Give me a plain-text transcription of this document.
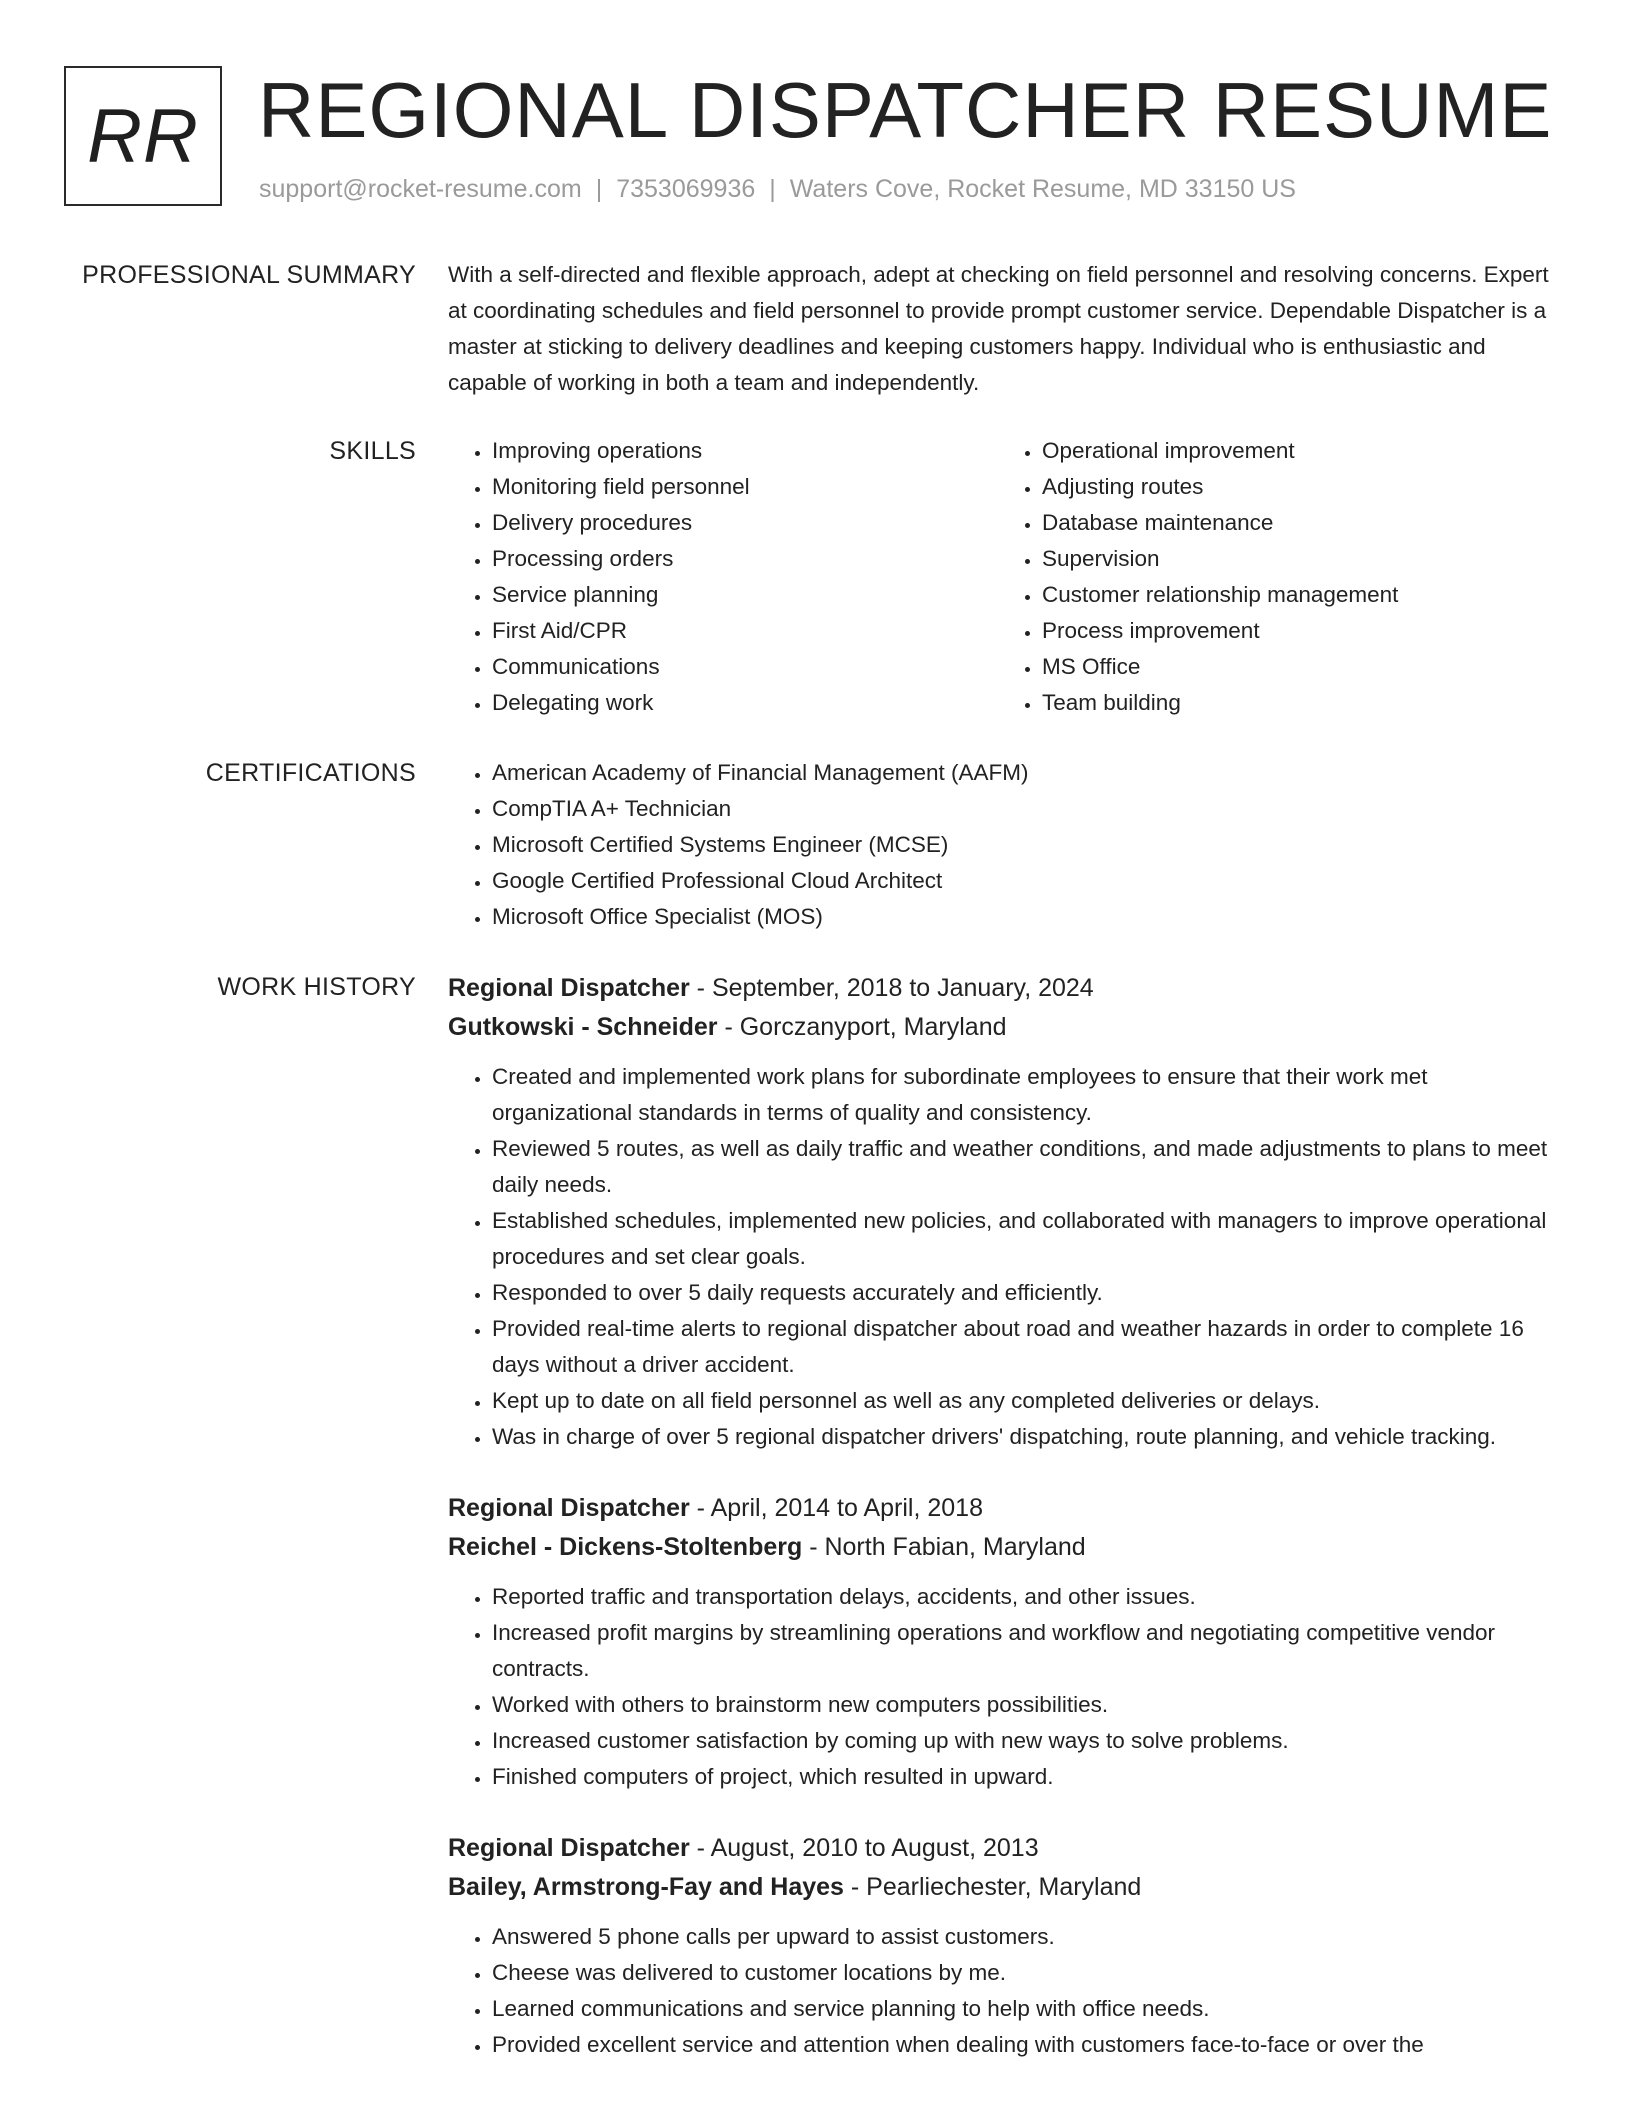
RR REGIONAL DISPATCHER RESUME
support@rocket-resume.com | 7353069936 | Waters Cove, Rocket Resume, MD 33150 US
PROFESSIONAL SUMMARY With a self-directed and flexible approach, adept at checking on field personnel and resolving concerns. Expert at coordinating schedules and field personnel to provide prompt customer service. Dependable Dispatcher is a master at sticking to delivery deadlines and keeping customers happy. Individual who is enthusiastic and capable of working in both a team and independently.

SKILLS	• Improving operations
• Monitoring field personnel
• Delivery procedures
• Processing orders
• Service planning
• First Aid/CPR
• Communications
• Delegating work
• Operational improvement
• Adjusting routes
• Database maintenance
• Supervision
• Customer relationship management
• Process improvement
• MS Office
• Team building
CERTIFICATIONS	• American Academy of Financial Management (AAFM)
• CompTIA A+ Technician
• Microsoft Certified Systems Engineer (MCSE)
• Google Certified Professional Cloud Architect
• Microsoft Office Specialist (MOS)
WORK HISTORY Regional Dispatcher - September, 2018 to January, 2024
Gutkowski - Schneider - Gorczanyport, Maryland
• Created and implemented work plans for subordinate employees to ensure that their work met organizational standards in terms of quality and consistency.
• Reviewed 5 routes, as well as daily traffic and weather conditions, and made adjustments to plans to meet daily needs.
• Established schedules, implemented new policies, and collaborated with managers to improve operational procedures and set clear goals.
• Responded to over 5 daily requests accurately and efficiently.
• Provided real-time alerts to regional dispatcher about road and weather hazards in order to complete 16 days without a driver accident.
• Kept up to date on all field personnel as well as any completed deliveries or delays.
• Was in charge of over 5 regional dispatcher drivers' dispatching, route planning, and vehicle tracking.
Regional Dispatcher - April, 2014 to April, 2018
Reichel - Dickens-Stoltenberg - North Fabian, Maryland
• Reported traffic and transportation delays, accidents, and other issues.
• Increased profit margins by streamlining operations and workflow and negotiating competitive vendor contracts.
• Worked with others to brainstorm new computers possibilities.
• Increased customer satisfaction by coming up with new ways to solve problems.
• Finished computers of project, which resulted in upward.
Regional Dispatcher - August, 2010 to August, 2013
Bailey, Armstrong-Fay and Hayes - Pearliechester, Maryland
• Answered 5 phone calls per upward to assist customers.
• Cheese was delivered to customer locations by me.
• Learned communications and service planning to help with office needs.
• Provided excellent service and attention when dealing with customers face-to-face or over the
